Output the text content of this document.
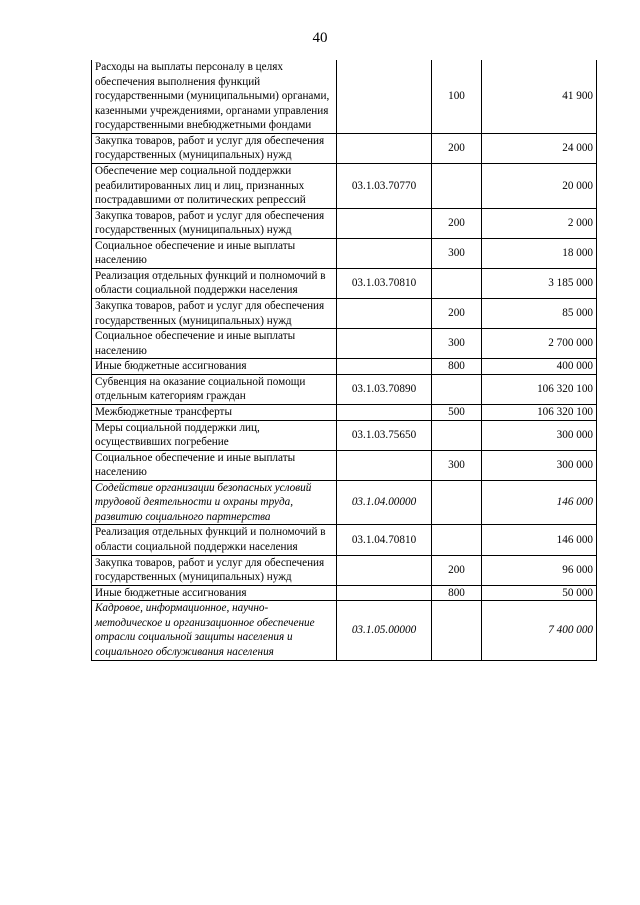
40
Расходы на выплаты персоналу в целях обеспечения выполнения функций государственными (муниципальными) органами, казенными учреждениями, органами управления государственными внебюджетными фондами		100	41 900
Закупка товаров, работ и услуг для обеспечения государственных (муниципальных) нужд		200	24 000
Обеспечение мер социальной поддержки реабилитированных лиц и лиц, признанных пострадавшими от политических репрессий	03.1.03.70770		20 000
Закупка товаров, работ и услуг для обеспечения государственных (муниципальных) нужд		200	2 000
Социальное обеспечение и иные выплаты населению		300	18 000
Реализация отдельных функций и полномочий в области социальной поддержки населения	03.1.03.70810		3 185 000
Закупка товаров, работ и услуг для обеспечения государственных (муниципальных) нужд		200	85 000
Социальное обеспечение и иные выплаты населению		300	2 700 000
Иные бюджетные ассигнования		800	400 000
Субвенция на оказание социальной помощи отдельным категориям граждан	03.1.03.70890		106 320 100
Межбюджетные трансферты		500	106 320 100
Меры социальной поддержки лиц, осуществивших погребение	03.1.03.75650		300 000
Социальное обеспечение и иные выплаты населению		300	300 000
Содействие организации безопасных условий трудовой деятельности и охраны труда, развитию социального партнерства	03.1.04.00000		146 000
Реализация отдельных функций и полномочий в области социальной поддержки населения	03.1.04.70810		146 000
Закупка товаров, работ и услуг для обеспечения государственных (муниципальных) нужд		200	96 000
Иные бюджетные ассигнования		800	50 000
Кадровое, информационное, научно-методическое и организационное обеспечение отрасли социальной защиты населения и социального обслуживания населения	03.1.05.00000		7 400 000
